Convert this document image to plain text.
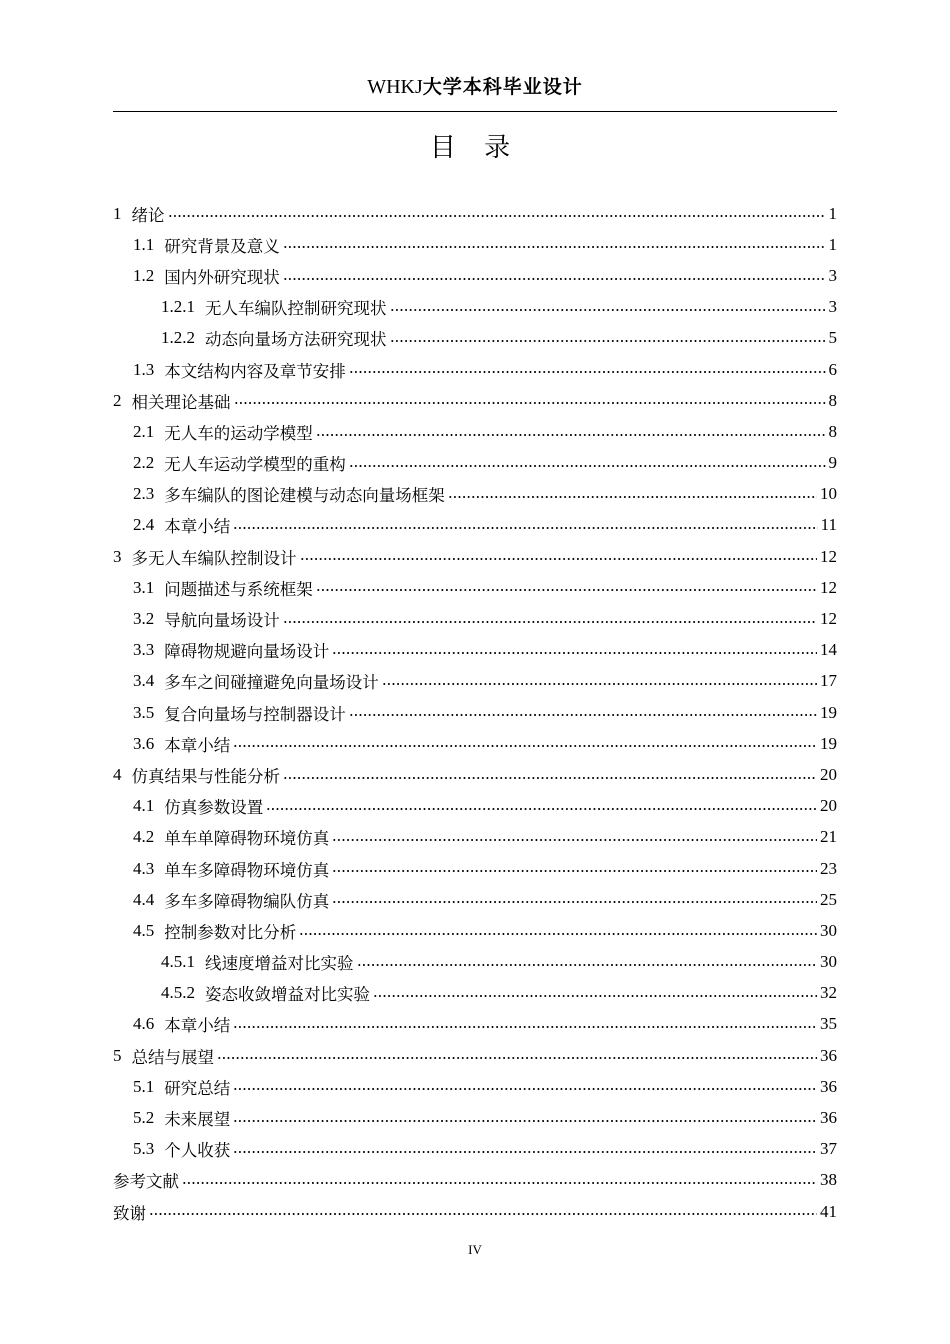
WHKJ大学本科毕业设计
目 录
1 绪论	1
1.1 研究背景及意义	1
1.2 国内外研究现状	3
1.2.1 无人车编队控制研究现状	3
1.2.2 动态向量场方法研究现状	5
1.3 本文结构内容及章节安排	6
2 相关理论基础	8
2.1 无人车的运动学模型	8
2.2 无人车运动学模型的重构	9
2.3 多车编队的图论建模与动态向量场框架	10
2.4 本章小结	11
3 多无人车编队控制设计	12
3.1 问题描述与系统框架	12
3.2 导航向量场设计	12
3.3 障碍物规避向量场设计	14
3.4 多车之间碰撞避免向量场设计	17
3.5 复合向量场与控制器设计	19
3.6 本章小结	19
4 仿真结果与性能分析	20
4.1 仿真参数设置	20
4.2 单车单障碍物环境仿真	21
4.3 单车多障碍物环境仿真	23
4.4 多车多障碍物编队仿真	25
4.5 控制参数对比分析	30
4.5.1 线速度增益对比实验	30
4.5.2 姿态收敛增益对比实验	32
4.6 本章小结	35
5 总结与展望	36
5.1 研究总结	36
5.2 未来展望	36
5.3 个人收获	37
参考文献	38
致谢	41
IV
